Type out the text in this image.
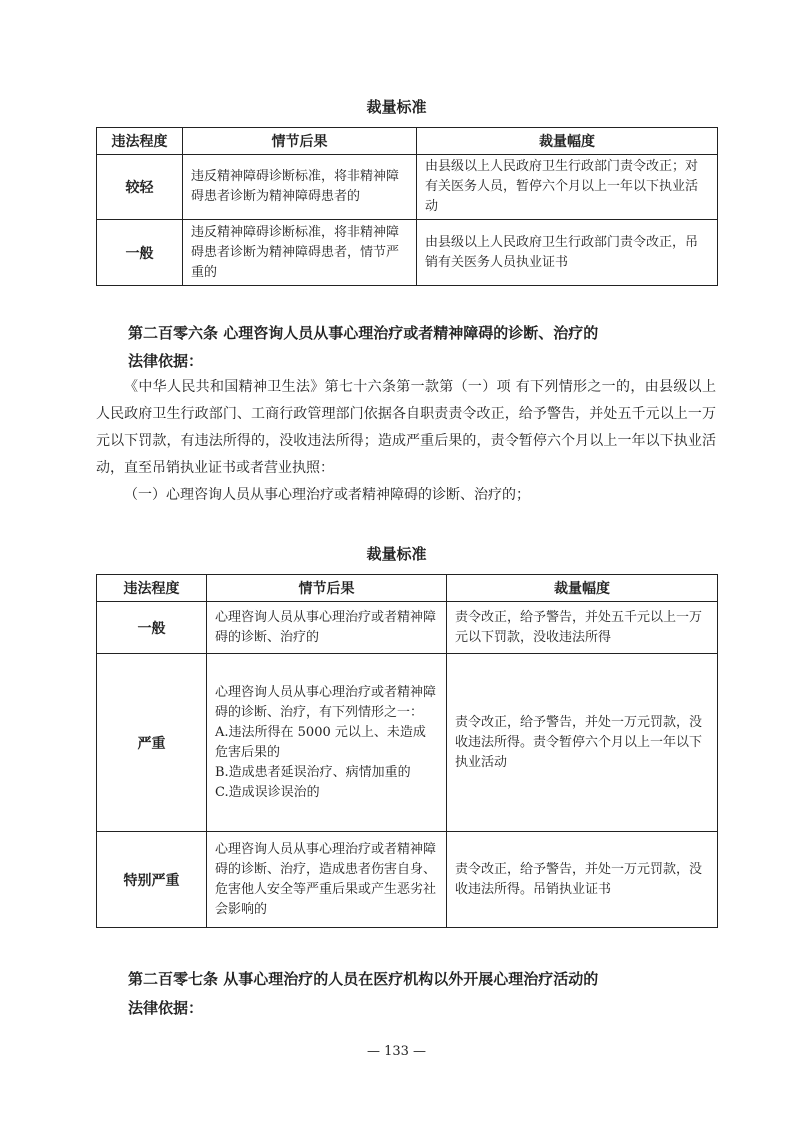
裁量标准
违法程度	情节后果	裁量幅度
较轻	违反精神障碍诊断标准，将非精神障碍患者诊断为精神障碍患者的	由县级以上人民政府卫生行政部门责令改正；对有关医务人员，暂停六个月以上一年以下执业活动
一般	违反精神障碍诊断标准，将非精神障碍患者诊断为精神障碍患者，情节严重的	由县级以上人民政府卫生行政部门责令改正，吊销有关医务人员执业证书
第二百零六条 心理咨询人员从事心理治疗或者精神障碍的诊断、治疗的
法律依据：

《中华人民共和国精神卫生法》第七十六条第一款第（一）项 有下列情形之一的，由县级以上人民政府卫生行政部门、工商行政管理部门依据各自职责责令改正，给予警告，并处五千元以上一万元以下罚款，有违法所得的，没收违法所得；造成严重后果的，责令暂停六个月以上一年以下执业活动，直至吊销执业证书或者营业执照：

（一）心理咨询人员从事心理治疗或者精神障碍的诊断、治疗的；

裁量标准
违法程度	情节后果	裁量幅度
一般	心理咨询人员从事心理治疗或者精神障碍的诊断、治疗的	责令改正，给予警告，并处五千元以上一万元以下罚款，没收违法所得
严重	心理咨询人员从事心理治疗或者精神障碍的诊断、治疗，有下列情形之一：
A.违法所得在 5000 元以上、未造成危害后果的
B.造成患者延误治疗、病情加重的
C.造成误诊误治的	责令改正，给予警告，并处一万元罚款，没收违法所得。责令暂停六个月以上一年以下执业活动
特别严重	心理咨询人员从事心理治疗或者精神障碍的诊断、治疗，造成患者伤害自身、危害他人安全等严重后果或产生恶劣社会影响的	责令改正，给予警告，并处一万元罚款，没收违法所得。吊销执业证书
第二百零七条 从事心理治疗的人员在医疗机构以外开展心理治疗活动的
法律依据：
— 133 —
